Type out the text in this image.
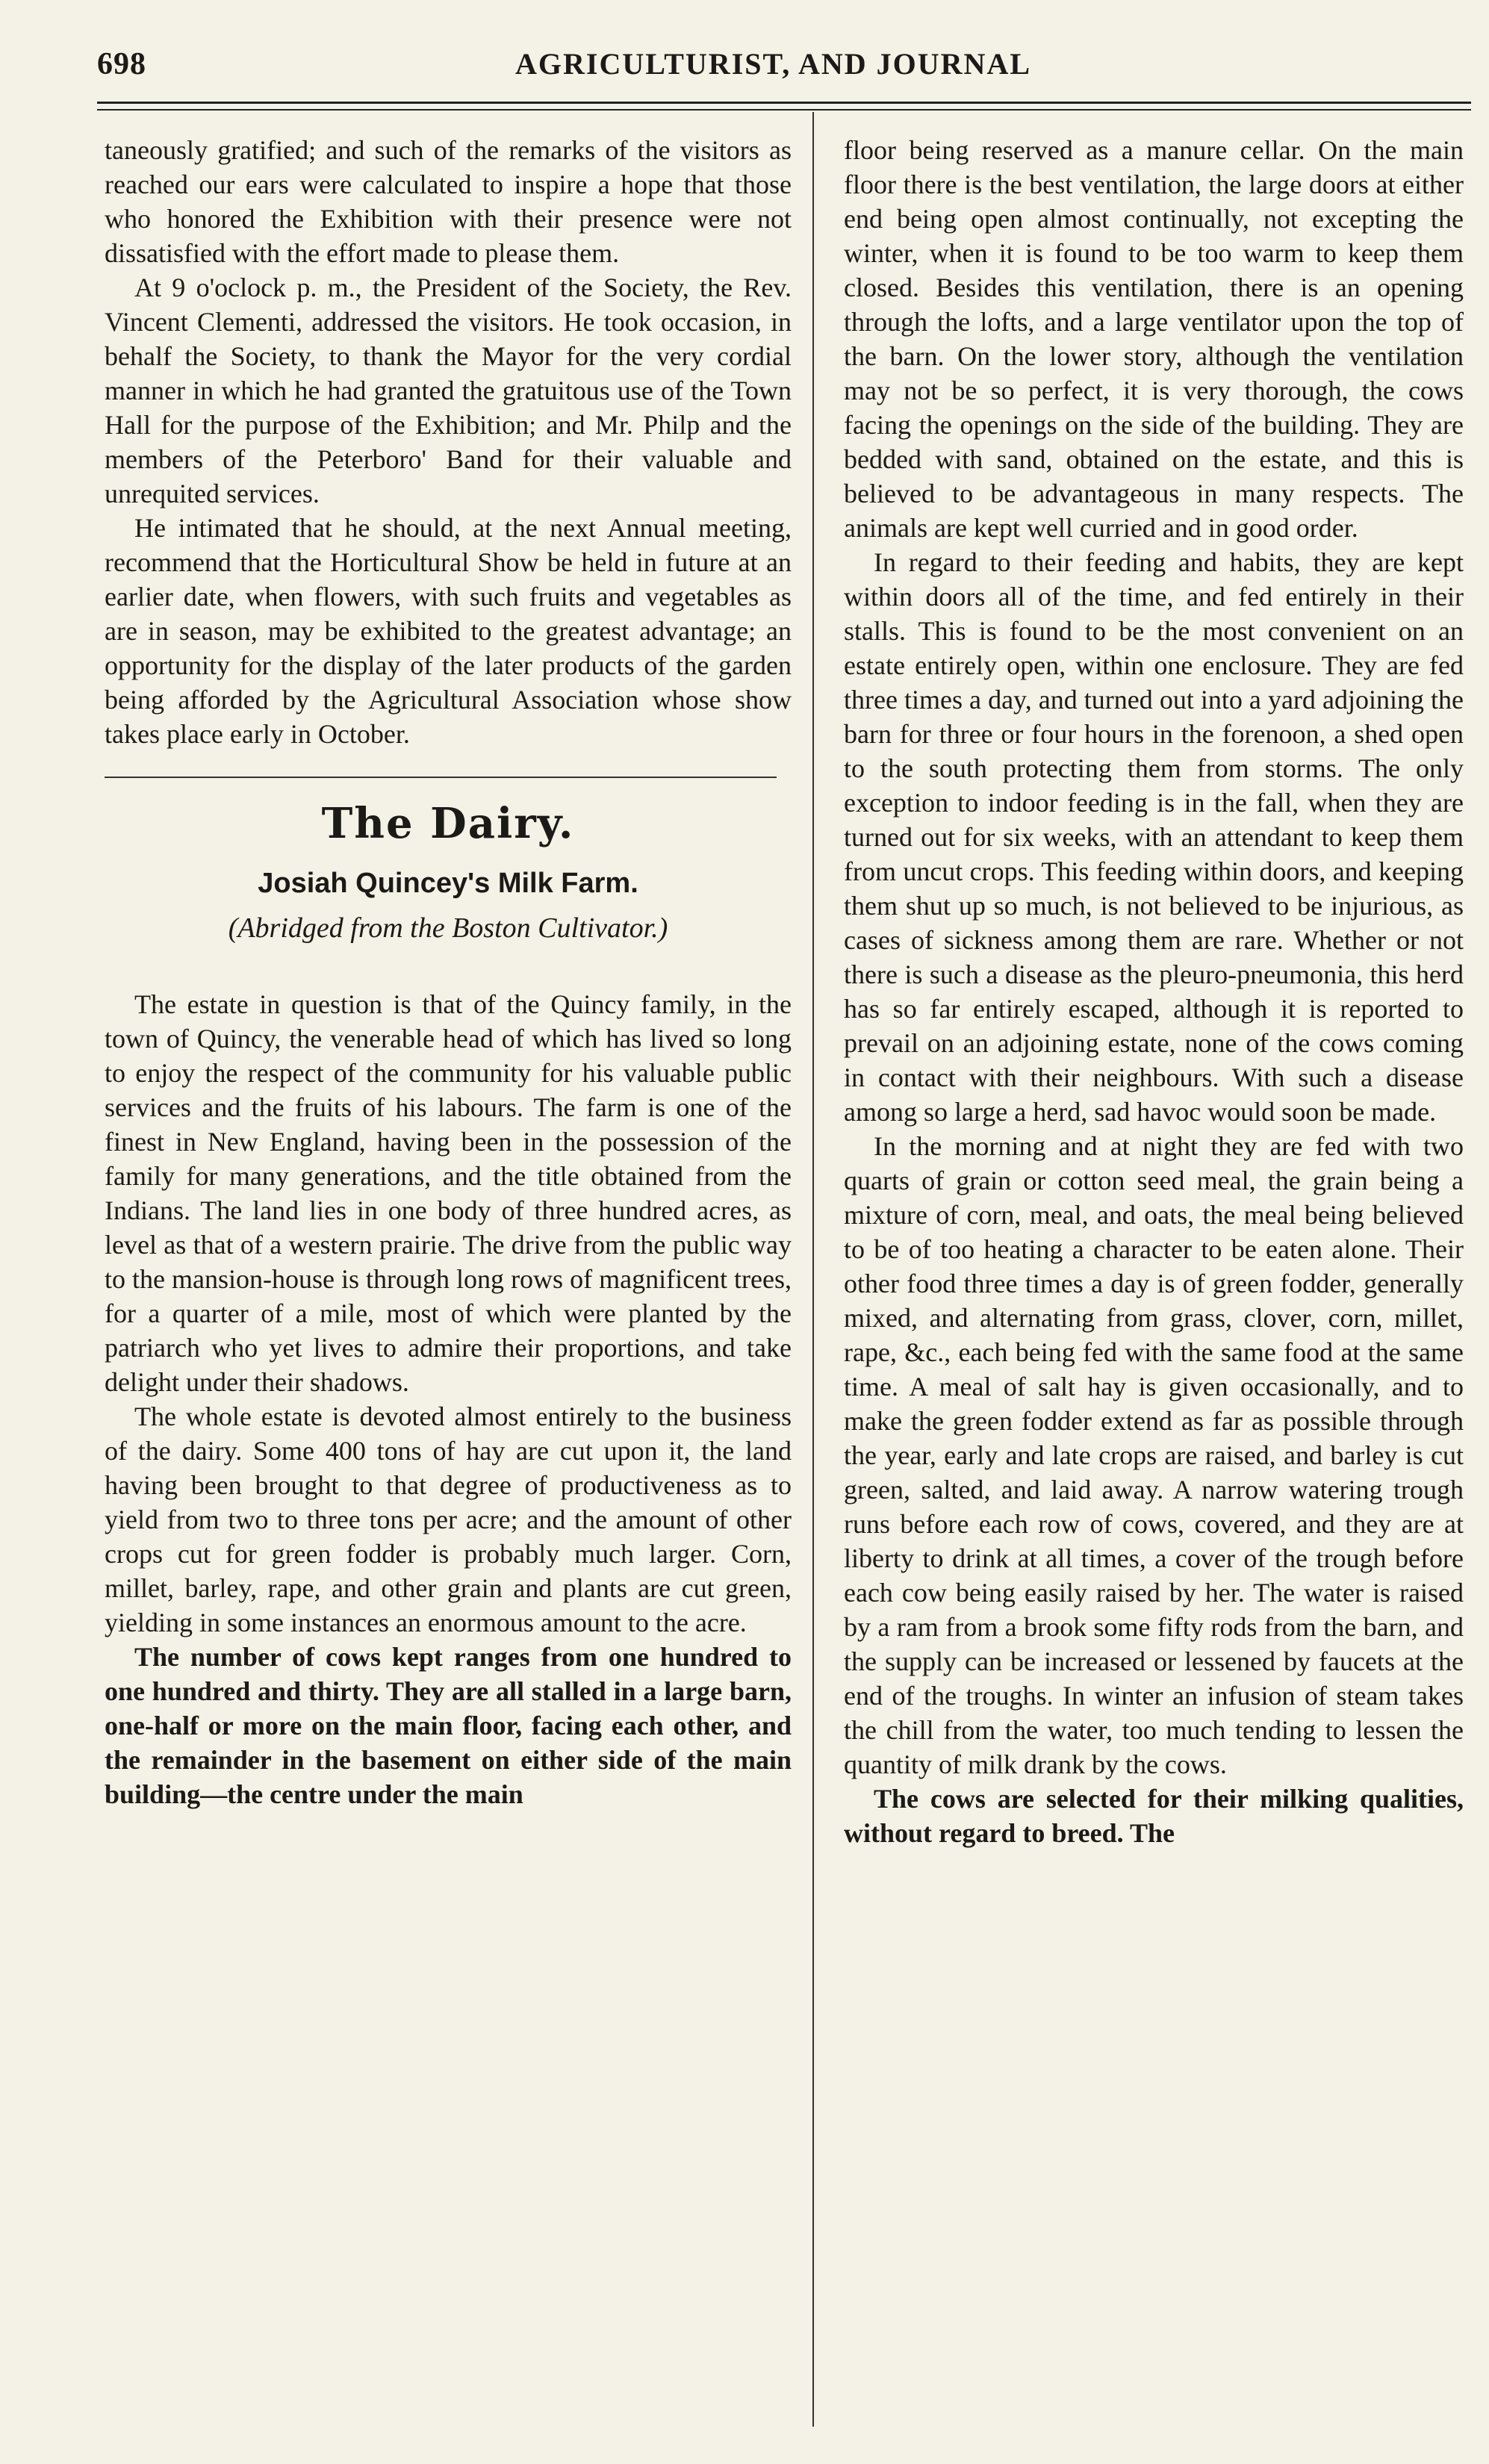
698	AGRICULTURIST, AND JOURNAL

taneously gratified; and such of the remarks of the visitors as reached our ears were calculated to inspire a hope that those who honored the Exhibition with their presence were not dissatisfied with the effort made to please them.

At 9 o'oclock p. m., the President of the Society, the Rev. Vincent Clementi, addressed the visitors. He took occasion, in behalf the Society, to thank the Mayor for the very cordial manner in which he had granted the gratuitous use of the Town Hall for the purpose of the Exhibition; and Mr. Philp and the members of the Peterboro' Band for their valuable and unrequited services.

He intimated that he should, at the next Annual meeting, recommend that the Horticultural Show be held in future at an earlier date, when flowers, with such fruits and vegetables as are in season, may be exhibited to the greatest advantage; an opportunity for the display of the later products of the garden being afforded by the Agricultural Association whose show takes place early in October.

The Dairy.
Josiah Quincey's Milk Farm.
(Abridged from the Boston Cultivator.)

The estate in question is that of the Quincy family, in the town of Quincy, the venerable head of which has lived so long to enjoy the respect of the community for his valuable public services and the fruits of his labours. The farm is one of the finest in New England, having been in the possession of the family for many generations, and the title obtained from the Indians. The land lies in one body of three hundred acres, as level as that of a western prairie. The drive from the public way to the mansion-house is through long rows of magnificent trees, for a quarter of a mile, most of which were planted by the patriarch who yet lives to admire their proportions, and take delight under their shadows.

The whole estate is devoted almost entirely to the business of the dairy. Some 400 tons of hay are cut upon it, the land having been brought to that degree of productiveness as to yield from two to three tons per acre; and the amount of other crops cut for green fodder is probably much larger. Corn, millet, barley, rape, and other grain and plants are cut green, yielding in some instances an enormous amount to the acre.

The number of cows kept ranges from one hundred to one hundred and thirty. They are all stalled in a large barn, one-half or more on the main floor, facing each other, and the remainder in the basement on either side of the main building—the centre under the main

floor being reserved as a manure cellar. On the main floor there is the best ventilation, the large doors at either end being open almost continually, not excepting the winter, when it is found to be too warm to keep them closed. Besides this ventilation, there is an opening through the lofts, and a large ventilator upon the top of the barn. On the lower story, although the ventilation may not be so perfect, it is very thorough, the cows facing the openings on the side of the building. They are bedded with sand, obtained on the estate, and this is believed to be advantageous in many respects. The animals are kept well curried and in good order.

In regard to their feeding and habits, they are kept within doors all of the time, and fed entirely in their stalls. This is found to be the most convenient on an estate entirely open, within one enclosure. They are fed three times a day, and turned out into a yard adjoining the barn for three or four hours in the forenoon, a shed open to the south protecting them from storms. The only exception to indoor feeding is in the fall, when they are turned out for six weeks, with an attendant to keep them from uncut crops. This feeding within doors, and keeping them shut up so much, is not believed to be injurious, as cases of sickness among them are rare. Whether or not there is such a disease as the pleuro-pneumonia, this herd has so far entirely escaped, although it is reported to prevail on an adjoining estate, none of the cows coming in contact with their neighbours. With such a disease among so large a herd, sad havoc would soon be made.

In the morning and at night they are fed with two quarts of grain or cotton seed meal, the grain being a mixture of corn, meal, and oats, the meal being believed to be of too heating a character to be eaten alone. Their other food three times a day is of green fodder, generally mixed, and alternating from grass, clover, corn, millet, rape, &c., each being fed with the same food at the same time. A meal of salt hay is given occasionally, and to make the green fodder extend as far as possible through the year, early and late crops are raised, and barley is cut green, salted, and laid away. A narrow watering trough runs before each row of cows, covered, and they are at liberty to drink at all times, a cover of the trough before each cow being easily raised by her. The water is raised by a ram from a brook some fifty rods from the barn, and the supply can be increased or lessened by faucets at the end of the troughs. In winter an infusion of steam takes the chill from the water, too much tending to lessen the quantity of milk drank by the cows.

The cows are selected for their milking qualities, without regard to breed. The
